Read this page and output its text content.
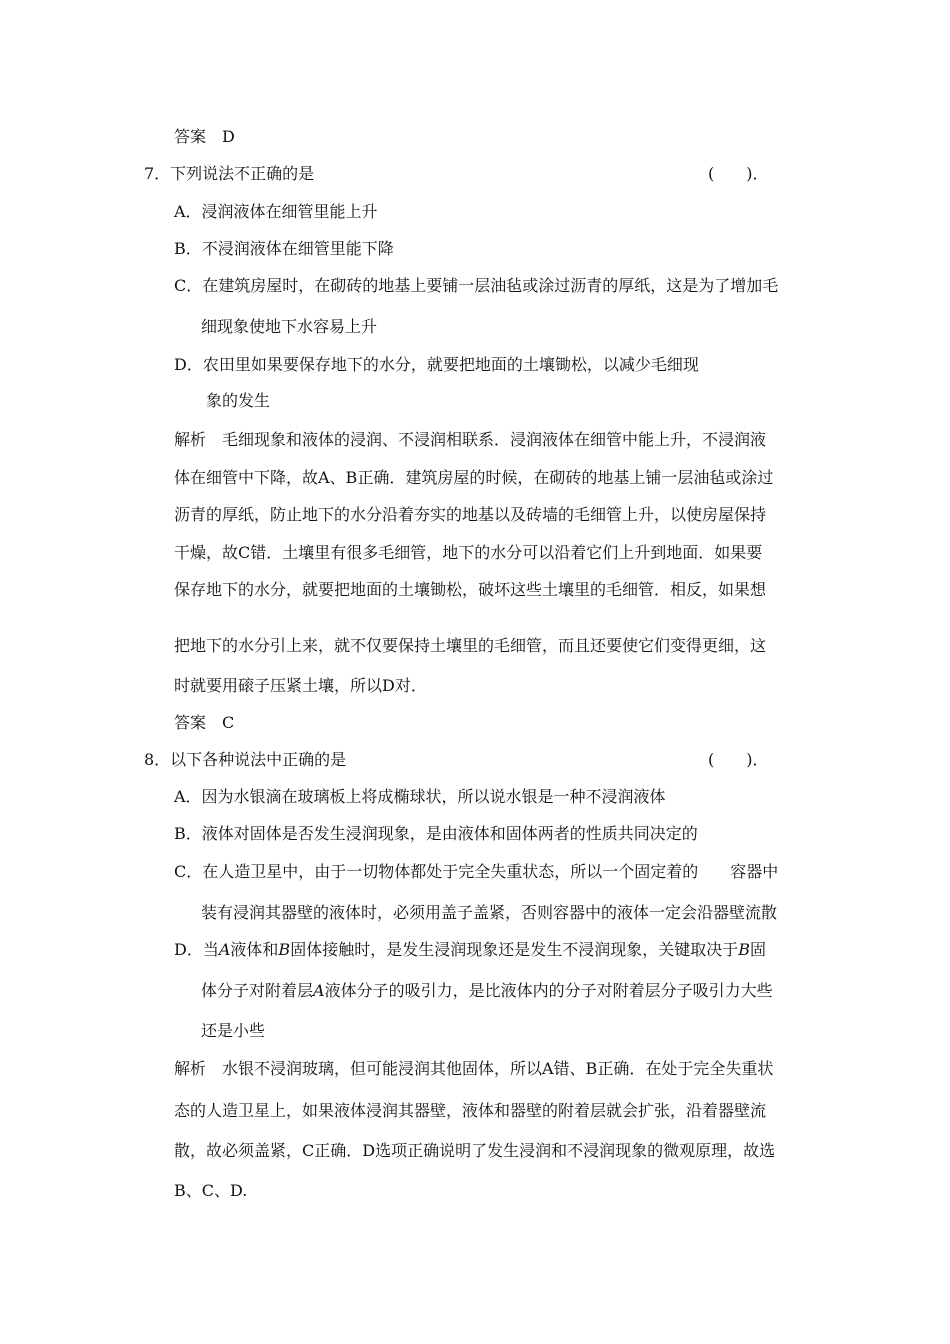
答案　D
7．下列说法不正确的是	(　　)．
A．浸润液体在细管里能上升
B．不浸润液体在细管里能下降
C．在建筑房屋时，在砌砖的地基上要铺一层油毡或涂过沥青的厚纸，这是为了增加毛
细现象使地下水容易上升
D．农田里如果要保存地下的水分，就要把地面的土壤锄松，以减少毛细现
象的发生
解析　毛细现象和液体的浸润、不浸润相联系．浸润液体在细管中能上升，不浸润液
体在细管中下降，故A、B正确．建筑房屋的时候，在砌砖的地基上铺一层油毡或涂过
沥青的厚纸，防止地下的水分沿着夯实的地基以及砖墙的毛细管上升，以使房屋保持
干燥，故C错．土壤里有很多毛细管，地下的水分可以沿着它们上升到地面．如果要
保存地下的水分，就要把地面的土壤锄松，破坏这些土壤里的毛细管．相反，如果想
把地下的水分引上来，就不仅要保持土壤里的毛细管，而且还要使它们变得更细，这
时就要用磙子压紧土壤，所以D对．
答案　C
8．以下各种说法中正确的是	(　　)．
A．因为水银滴在玻璃板上将成椭球状，所以说水银是一种不浸润液体
B．液体对固体是否发生浸润现象，是由液体和固体两者的性质共同决定的
C．在人造卫星中，由于一切物体都处于完全失重状态，所以一个固定着的　　容器中
装有浸润其器壁的液体时，必须用盖子盖紧，否则容器中的液体一定会沿器壁流散
D．当A液体和B固体接触时，是发生浸润现象还是发生不浸润现象，关键取决于B固
体分子对附着层A液体分子的吸引力，是比液体内的分子对附着层分子吸引力大些
还是小些
解析　水银不浸润玻璃，但可能浸润其他固体，所以A错、B正确．在处于完全失重状
态的人造卫星上，如果液体浸润其器壁，液体和器壁的附着层就会扩张，沿着器壁流
散，故必须盖紧，C正确．D选项正确说明了发生浸润和不浸润现象的微观原理，故选
B、C、D.
